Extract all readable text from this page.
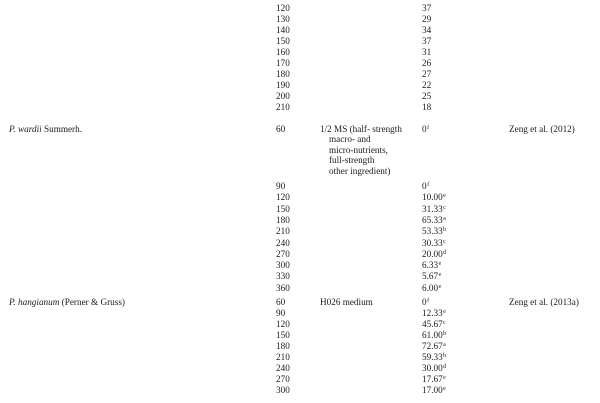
120	37
130	29
140	34
150	37
160	31
170	26
180	27
190	22
200	25
210	18
P. wardii Summerh.	60	1/2 MS (half- strength
macro- and
micro-nutrients,
full-strength
other ingredient)
0$^f$	Zeng et al. (2012)
90	0$^f$
120	10.00e
150	31.33$^c$
180	65.33$^a$
210	53.33$^b$
240	30.33$^c$
270	20.00$^d$
300	6.33e
330	5.67e
360	6.00e
P. hangianum (Perner & Gruss)	60	H026 medium	0$^f$	Zeng et al. (2013a)
90	12.33e
120	45.67$^c$
150	61.00$^b$
180	72.67$^a$
210	59.33$^b$
240	30.00$^d$
270	17.67e
300	17.00e
